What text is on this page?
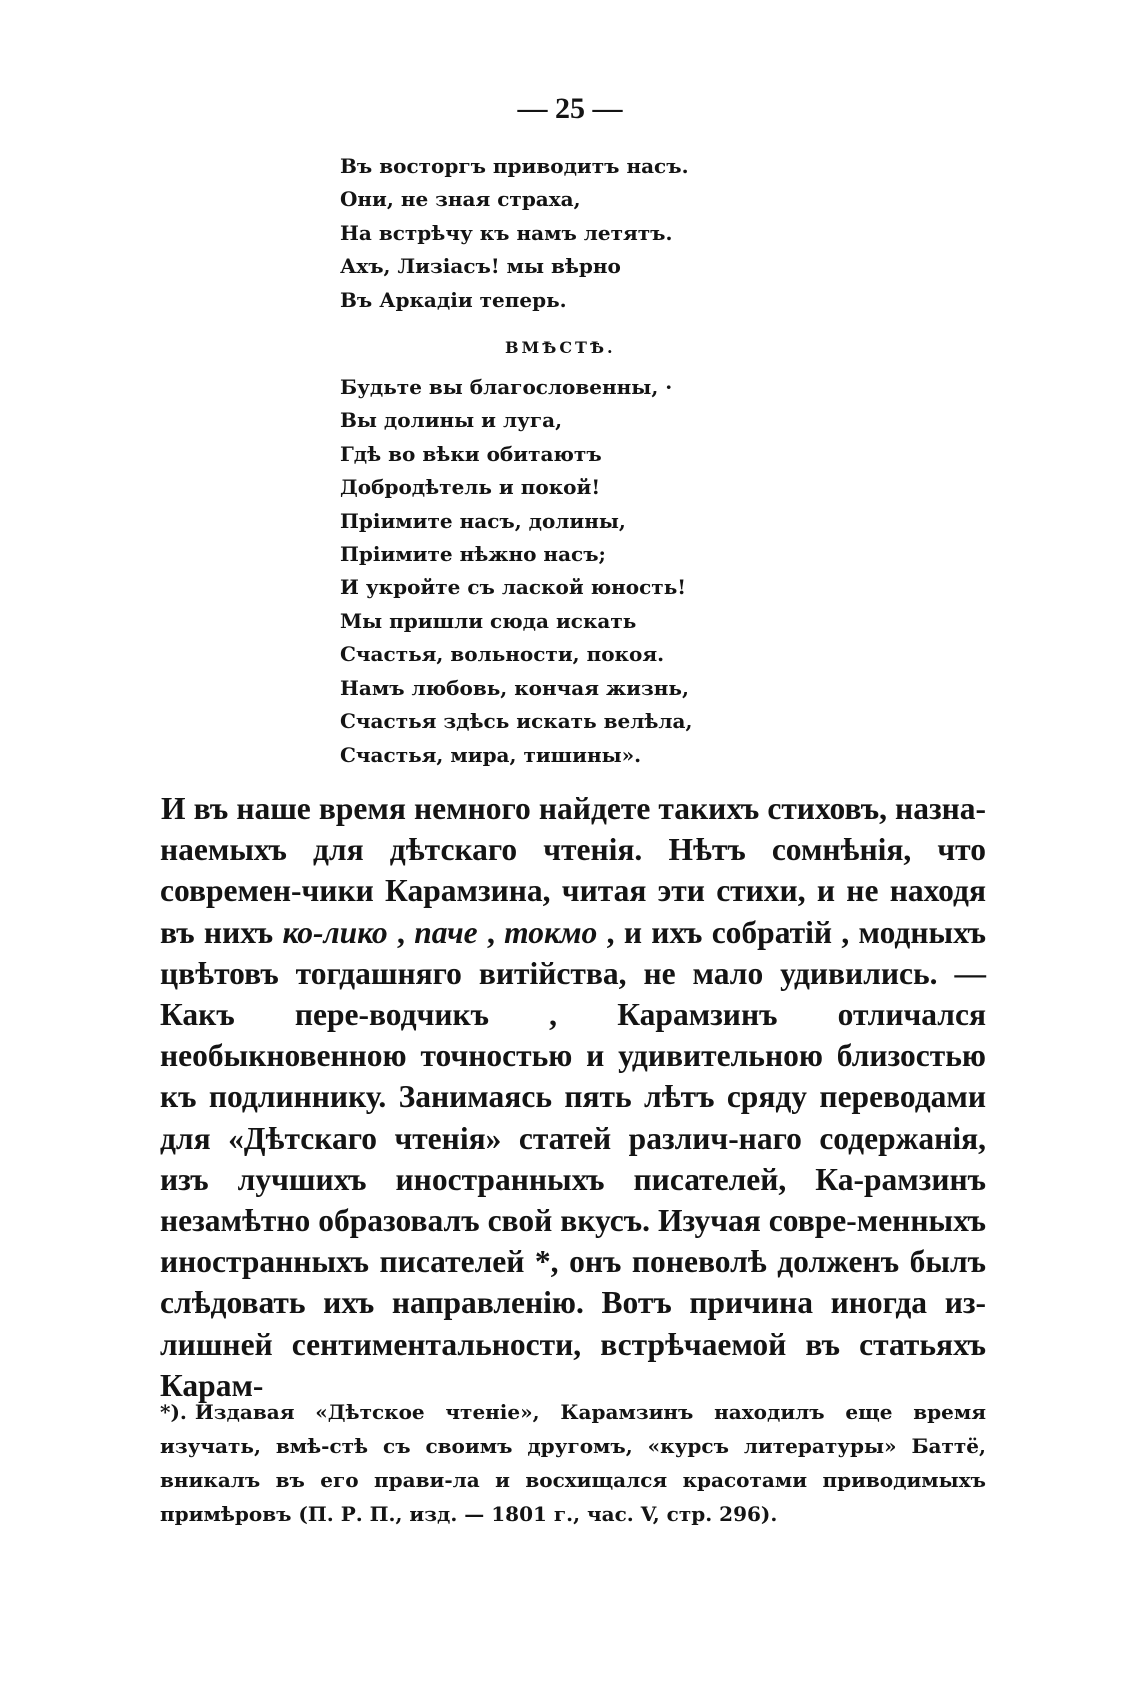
— 25 —
Въ восторгъ приводитъ насъ.
Они, не зная страха,
На встрѣчу къ намъ летятъ.
Ахъ, Лизіасъ! мы вѣрно
Въ Аркадіи теперь.
ВМѢСТѢ.
Будьте вы благословенны, ·
Вы долины и луга,
Гдѣ во вѣки обитаютъ
Добродѣтель и покой!
Пріимите насъ, долины,
Пріимите нѣжно насъ;
И укройте съ лаской юность!
Мы пришли сюда искать
Счастья, вольности, покоя.
Намъ любовь, кончая жизнь,
Счастья здѣсь искать велѣла,
Счастья, мира, тишины».

И въ наше время немного найдете такихъ стиховъ, назна-наемыхъ для дѣтскаго чтенія. Нѣтъ сомнѣнія, что современ-чики Карамзина, читая эти стихи, и не находя въ нихъ ко-лико , паче , токмо , и ихъ собратій , модныхъ цвѣтовъ тогдашняго витійства, не мало удивились. — Какъ пере-водчикъ , Карамзинъ отличался необыкновенною точностью и удивительною близостью къ подлиннику. Занимаясь пять лѣтъ сряду переводами для «Дѣтскаго чтенія» статей различ-наго содержанія, изъ лучшихъ иностранныхъ писателей, Ка-рамзинъ незамѣтно образовалъ свой вкусъ. Изучая совре-менныхъ иностранныхъ писателей *, онъ поневолѣ долженъ былъ слѣдовать ихъ направленію. Вотъ причина иногда из-лишней сентиментальности, встрѣчаемой въ статьяхъ Карам-

*). Издавая «Дѣтское чтеніе», Карамзинъ находилъ еще время изучать, вмѣ-стѣ съ своимъ другомъ, «курсъ литературы» Баттё, вникалъ въ его прави-ла и восхищался красотами приводимыхъ примѣровъ (П. Р. П., изд. — 1801 г., час. V, стр. 296).
